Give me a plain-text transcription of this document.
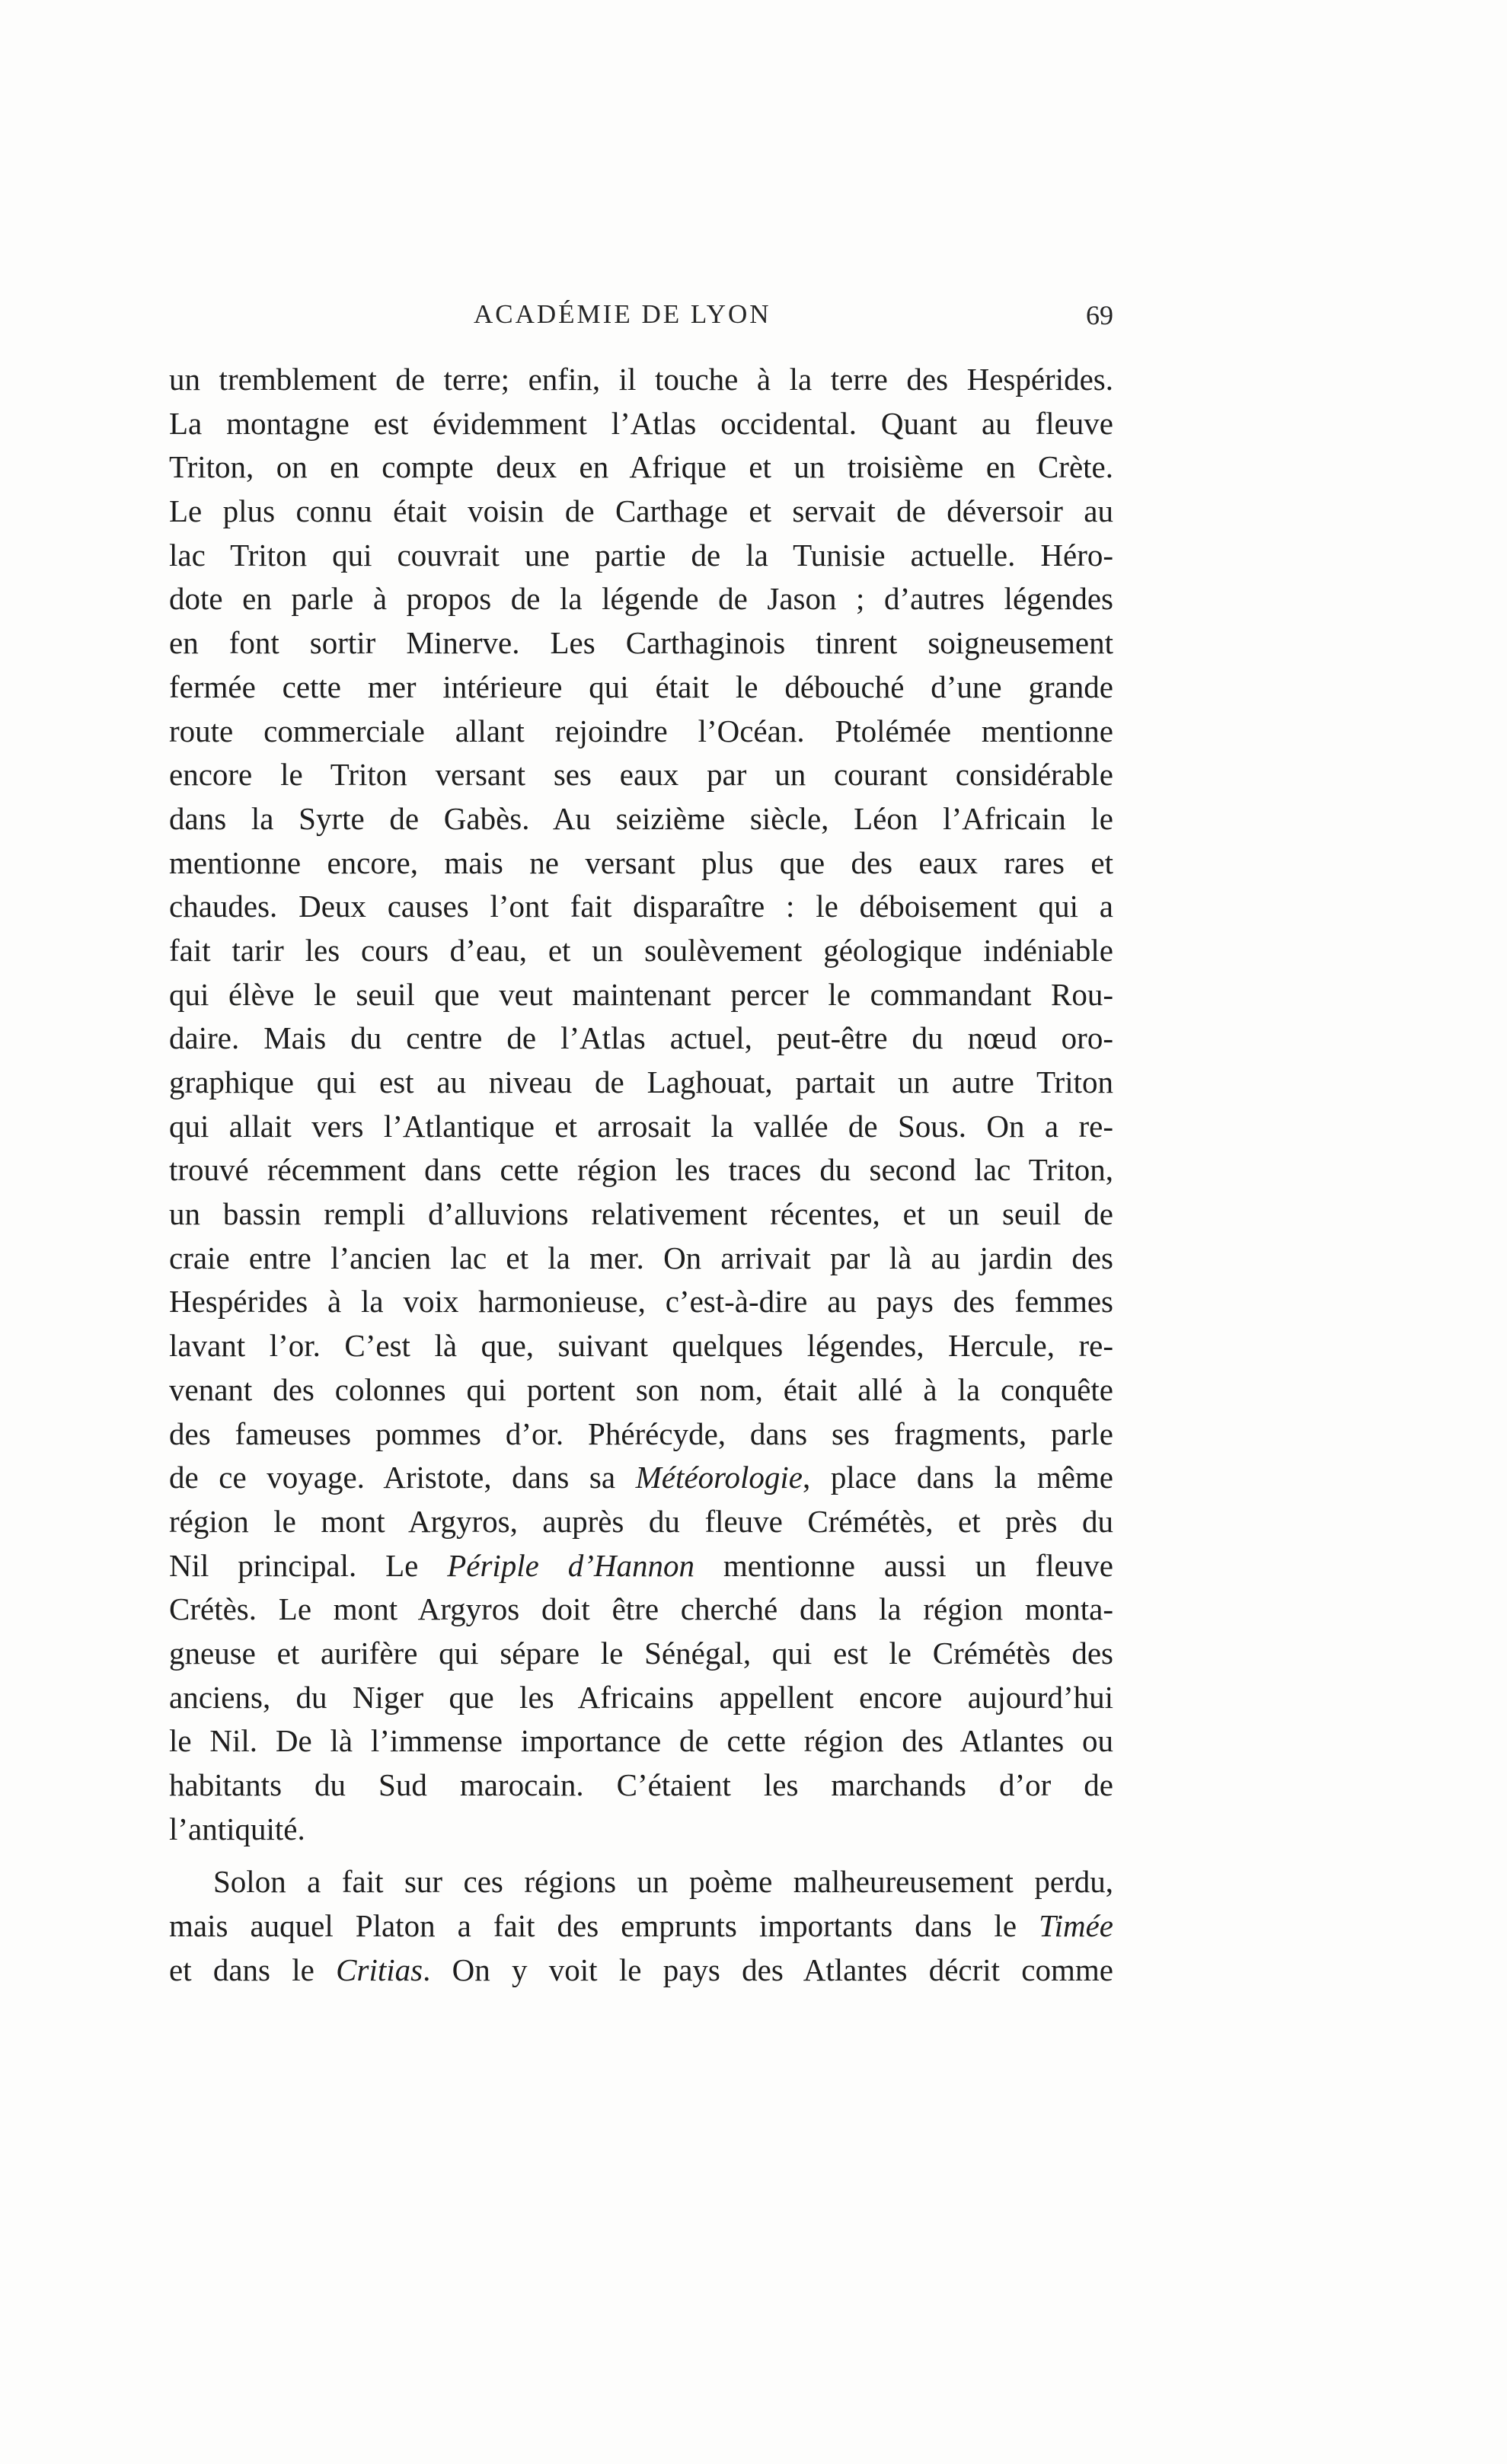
ACADÉMIE DE LYON	69
un tremblement de terre; enfin, il touche à la terre des Hespérides.
La montagne est évidemment l’Atlas occidental. Quant au fleuve
Triton, on en compte deux en Afrique et un troisième en Crète.
Le plus connu était voisin de Carthage et servait de déversoir au
lac Triton qui couvrait une partie de la Tunisie actuelle. Héro-
dote en parle à propos de la légende de Jason ; d’autres légendes
en font sortir Minerve. Les Carthaginois tinrent soigneusement
fermée cette mer intérieure qui était le débouché d’une grande
route commerciale allant rejoindre l’Océan. Ptolémée mentionne
encore le Triton versant ses eaux par un courant considérable
dans la Syrte de Gabès. Au seizième siècle, Léon l’Africain le
mentionne encore, mais ne versant plus que des eaux rares et
chaudes. Deux causes l’ont fait disparaître : le déboisement qui a
fait tarir les cours d’eau, et un soulèvement géologique indéniable
qui élève le seuil que veut maintenant percer le commandant Rou-
daire. Mais du centre de l’Atlas actuel, peut-être du nœud oro-
graphique qui est au niveau de Laghouat, partait un autre Triton
qui allait vers l’Atlantique et arrosait la vallée de Sous. On a re-
trouvé récemment dans cette région les traces du second lac Triton,
un bassin rempli d’alluvions relativement récentes, et un seuil de
craie entre l’ancien lac et la mer. On arrivait par là au jardin des
Hespérides à la voix harmonieuse, c’est-à-dire au pays des femmes
lavant l’or. C’est là que, suivant quelques légendes, Hercule, re-
venant des colonnes qui portent son nom, était allé à la conquête
des fameuses pommes d’or. Phérécyde, dans ses fragments, parle
de ce voyage. Aristote, dans sa Météorologie, place dans la même
région le mont Argyros, auprès du fleuve Crémétès, et près du
Nil principal. Le Périple d’Hannon mentionne aussi un fleuve
Crétès. Le mont Argyros doit être cherché dans la région monta-
gneuse et aurifère qui sépare le Sénégal, qui est le Crémétès des
anciens, du Niger que les Africains appellent encore aujourd’hui
le Nil. De là l’immense importance de cette région des Atlantes ou
habitants du Sud marocain. C’étaient les marchands d’or de
l’antiquité.
Solon a fait sur ces régions un poème malheureusement perdu,
mais auquel Platon a fait des emprunts importants dans le Timée
et dans le Critias. On y voit le pays des Atlantes décrit comme
